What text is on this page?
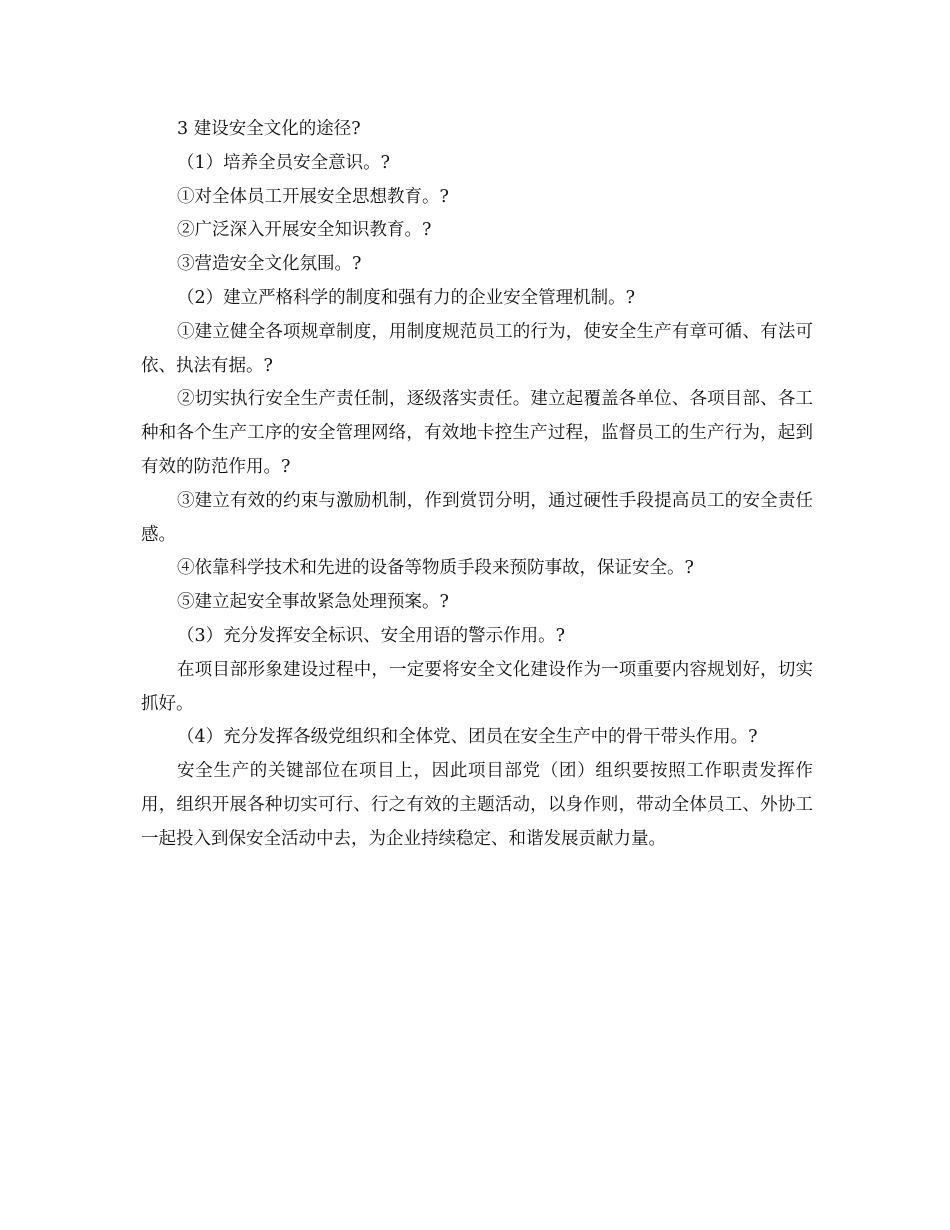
3 建设安全文化的途径?

（1）培养全员安全意识。?

①对全体员工开展安全思想教育。?

②广泛深入开展安全知识教育。?

③营造安全文化氛围。?

（2）建立严格科学的制度和强有力的企业安全管理机制。?

①建立健全各项规章制度，用制度规范员工的行为，使安全生产有章可循、有法可依、执法有据。?

②切实执行安全生产责任制，逐级落实责任。建立起覆盖各单位、各项目部、各工种和各个生产工序的安全管理网络，有效地卡控生产过程，监督员工的生产行为，起到有效的防范作用。?

③建立有效的约束与激励机制，作到赏罚分明，通过硬性手段提高员工的安全责任感。

④依靠科学技术和先进的设备等物质手段来预防事故，保证安全。?

⑤建立起安全事故紧急处理预案。?

（3）充分发挥安全标识、安全用语的警示作用。?

在项目部形象建设过程中，一定要将安全文化建设作为一项重要内容规划好，切实抓好。

（4）充分发挥各级党组织和全体党、团员在安全生产中的骨干带头作用。?

安全生产的关键部位在项目上，因此项目部党（团）组织要按照工作职责发挥作用，组织开展各种切实可行、行之有效的主题活动，以身作则，带动全体员工、外协工一起投入到保安全活动中去，为企业持续稳定、和谐发展贡献力量。
